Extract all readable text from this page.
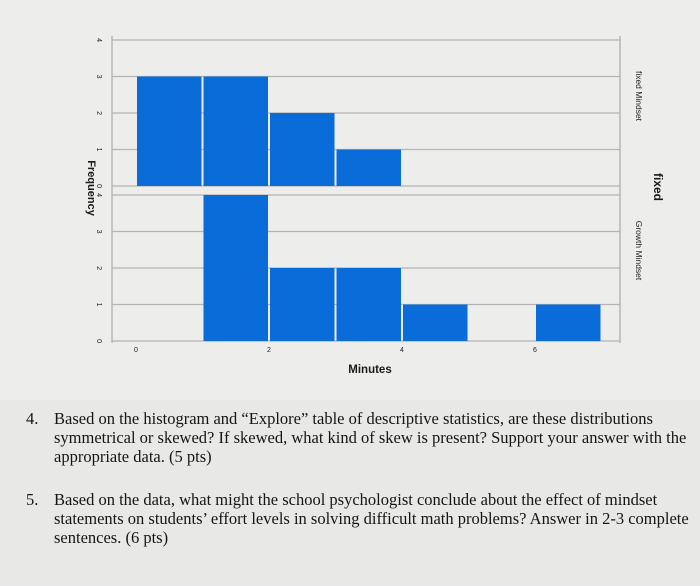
0
1
2
3
4
fixed Mindset
0
1
2
3
4
Growth Mindset
0	2	4	6
Minutes
Frequency	fixed
4. Based on the histogram and “Explore” table of descriptive statistics, are these distributions symmetrical or skewed? If skewed, what kind of skew is present? Support your answer with the appropriate data. (5 pts)
5. Based on the data, what might the school psychologist conclude about the effect of mindset statements on students’ effort levels in solving difficult math problems? Answer in 2-3 complete sentences. (6 pts)
